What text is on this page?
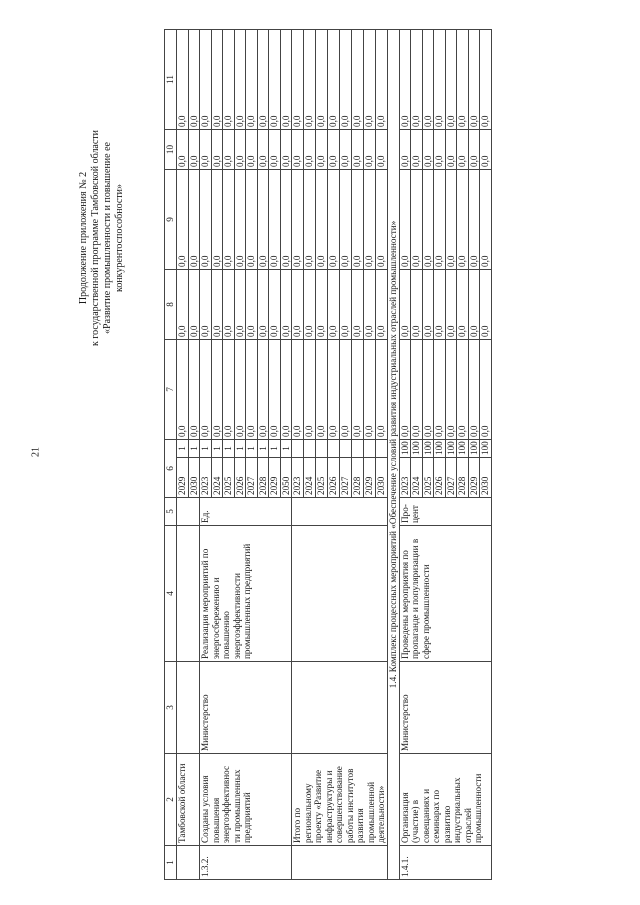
21
Продолжение приложения № 2 к государственной программе Тамбовской области «Развитие промышленности и повышение ее конкурентоспособности»
1	2	3	4	5	6		7	8	9	10	11
	Тамбовской области				2029	1	0,0	0,0	0,0	0,0	0,0
					2030	1	0,0	0,0	0,0	0,0	0,0
1.3.2.	Созданы условия повышения энергоэффективнос ти промышленных предприятий	Министерство	Реализация мероприятий по энергосбережению и повышению энергоэффективности промышленных предприятий	Ед.	2023	1	0,0	0,0	0,0	0,0	0,0
					2024	1	0,0	0,0	0,0	0,0	0,0
					2025	1	0,0	0,0	0,0	0,0	0,0
					2026	1	0,0	0,0	0,0	0,0	0,0
					2027	1	0,0	0,0	0,0	0,0	0,0
					2028	1	0,0	0,0	0,0	0,0	0,0
					2029	1	0,0	0,0	0,0	0,0	0,0
					2050	1	0,0	0,0	0,0	0,0	0,0
	Итого по региональному проекту «Развитие инфраструктуры и совершенствование работы институтов развития промышленной деятельности»				2023		0,0	0,0	0,0	0,0	0,0
					2024		0,0	0,0	0,0	0,0	0,0
					2025		0,0	0,0	0,0	0,0	0,0
					2026		0,0	0,0	0,0	0,0	0,0
					2027		0,0	0,0	0,0	0,0	0,0
					2028		0,0	0,0	0,0	0,0	0,0
					2029		0,0	0,0	0,0	0,0	0,0
					2030		0,0	0,0	0,0	0,0	0,0
1.4. Комплекс процессных мероприятий «Обеспечение условий развития индустриальных отраслей промышленности»											
1.4.1.	Организация (участие) в совещаниях и семинарах по развитию индустриальных отраслей промышленности	Министерство	Проведены мероприятия по пропаганде и популяризации в сфере промышленности	Про- цент	2023	100	0,0	0,0	0,0	0,0	0,0
					2024	100	0,0	0,0	0,0	0,0	0,0
					2025	100	0,0	0,0	0,0	0,0	0,0
					2026	100	0,0	0,0	0,0	0,0	0,0
					2027	100	0,0	0,0	0,0	0,0	0,0
					2028	100	0,0	0,0	0,0	0,0	0,0
					2029	100	0,0	0,0	0,0	0,0	0,0
					2030	100	0,0	0,0	0,0	0,0	0,0
